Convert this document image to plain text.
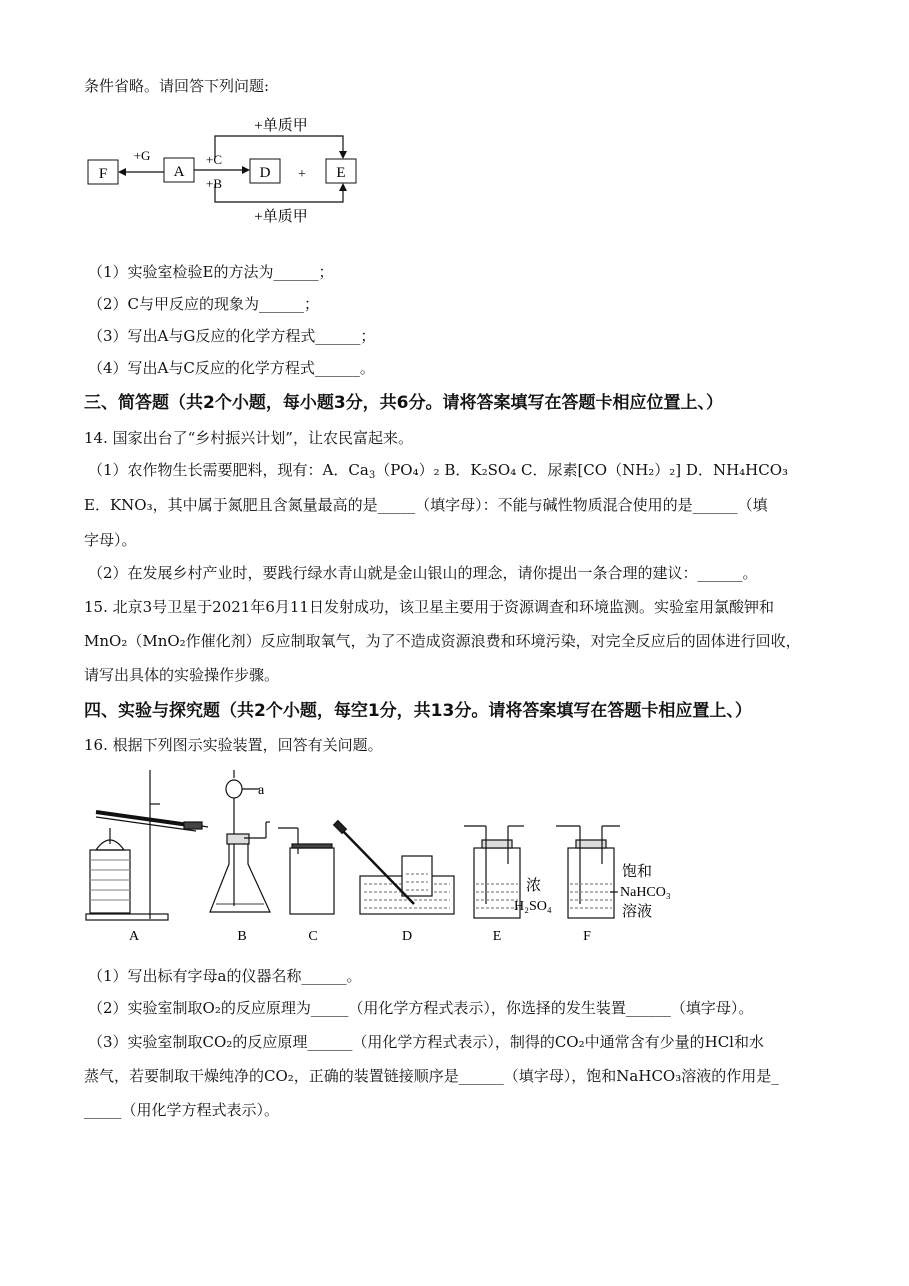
条件省略。请回答下列问题:
F	A	D	E
+
+G	+C
+B
+单质甲
+单质甲
（1）实验室检验E的方法为______；
（2）C与甲反应的现象为______；
（3）写出A与G反应的化学方程式______；
（4）写出A与C反应的化学方程式______。
三、简答题（共2个小题，每小题3分，共6分。请将答案填写在答题卡相应位置上、）
14. 国家出台了“乡村振兴计划”，让农民富起来。
（1）农作物生长需要肥料，现有：A．$Ca_3(PO_4)_2$ B．K₂SO₄ C．尿素[CO（NH₂）₂] D．NH₄HCO₃
E．KNO₃，其中属于氮肥且含氮量最高的是_____（填字母）：不能与碱性物质混合使用的是______（填
字母）。
（2）在发展乡村产业时，要践行绿水青山就是金山银山的理念，请你提出一条合理的建议：______。
15. 北京3号卫星于2021年6月11日发射成功，该卫星主要用于资源调查和环境监测。实验室用氯酸钾和
MnO₂（MnO₂作催化剂）反应制取氧气，为了不造成资源浪费和环境污染，对完全反应后的固体进行回收，
请写出具体的实验操作步骤。
四、实验与探究题（共2个小题，每空1分，共13分。请将答案填写在答题卡相应置上、）
16. 根据下列图示实验装置，回答有关问题。
a
浓
H₂SO₄
饱和
NaHCO₃
溶液
A	B	C	D	E	F
（1）写出标有字母a的仪器名称______。
（2）实验室制取O₂的反应原理为_____（用化学方程式表示），你选择的发生装置______（填字母）。
（3）实验室制取CO₂的反应原理______（用化学方程式表示），制得的CO₂中通常含有少量的HCl和水
蒸气，若要制取干燥纯净的CO₂，正确的装置链接顺序是______（填字母），饱和NaHCO₃溶液的作用是_
_____（用化学方程式表示）。
